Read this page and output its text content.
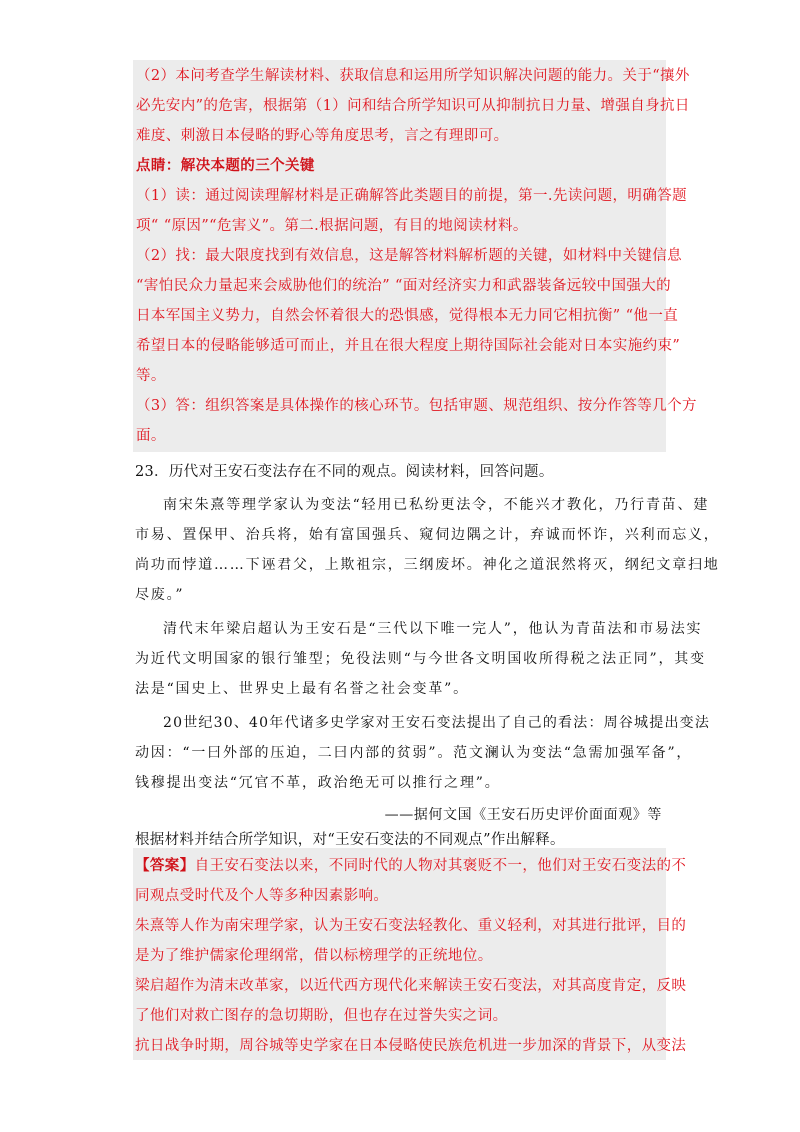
（2）本问考查学生解读材料、获取信息和运用所学知识解决问题的能力。关于“攘外
必先安内”的危害，根据第（1）问和结合所学知识可从抑制抗日力量、增强自身抗日
难度、刺激日本侵略的野心等角度思考，言之有理即可。
点睛：解决本题的三个关键
（1）读：通过阅读理解材料是正确解答此类题目的前提，第一.先读问题，明确答题
项“ “原因”“危害义”。第二.根据问题，有目的地阅读材料。
（2）找：最大限度找到有效信息，这是解答材料解析题的关键，如材料中关键信息
“害怕民众力量起来会威胁他们的统治” “面对经济实力和武器装备远较中国强大的
日本军国主义势力，自然会怀着很大的恐惧感，觉得根本无力同它相抗衡” “他一直
希望日本的侵略能够适可而止，并且在很大程度上期待国际社会能对日本实施约束”
等。
（3）答：组织答案是具体操作的核心环节。包括审题、规范组织、按分作答等几个方
面。
23．历代对王安石变法存在不同的观点。阅读材料，回答问题。
南宋朱熹等理学家认为变法“轻用已私纷更法令，不能兴才教化，乃行青苗、建
市易、置保甲、治兵将，始有富国强兵、窥伺边隅之计，弃诚而怀诈，兴利而忘义，
尚功而悖道……下诬君父，上欺祖宗，三纲废坏。神化之道泯然将灭，纲纪文章扫地
尽废。”
清代末年梁启超认为王安石是“三代以下唯一完人”，他认为青苗法和市易法实
为近代文明国家的银行雏型；免役法则“与今世各文明国收所得税之法正同”，其变
法是“国史上、世界史上最有名誉之社会变革”。
20世纪30、40年代诸多史学家对王安石变法提出了自己的看法：周谷城提出变法
动因：“一曰外部的压迫，二曰内部的贫弱”。范文澜认为变法“急需加强军备”，
钱穆提出变法“冗官不革，政治绝无可以推行之理”。
——据何文国《王安石历史评价面面观》等
根据材料并结合所学知识，对“王安石变法的不同观点”作出解释。
【答案】自王安石变法以来，不同时代的人物对其褒贬不一，他们对王安石变法的不
同观点受时代及个人等多种因素影响。
朱熹等人作为南宋理学家，认为王安石变法轻教化、重义轻利，对其进行批评，目的
是为了维护儒家伦理纲常，借以标榜理学的正统地位。
梁启超作为清末改革家，以近代西方现代化来解读王安石变法，对其高度肯定，反映
了他们对救亡图存的急切期盼，但也存在过誉失实之词。
抗日战争时期，周谷城等史学家在日本侵略使民族危机进一步加深的背景下，从变法
